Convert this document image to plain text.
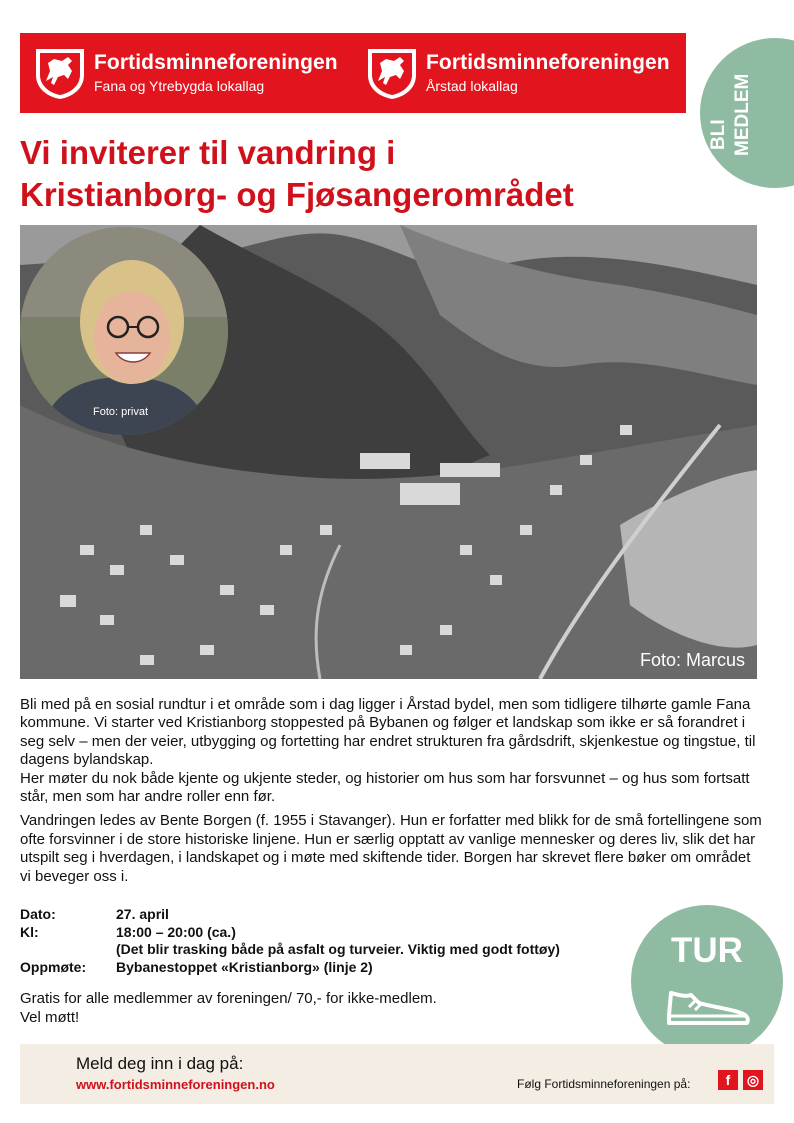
Fortidsminneforeningen
Fana og Ytrebygda lokallag
Fortidsminneforeningen
Årstad lokallag
BLI MEDLEM
Vi inviterer til vandring i
Kristianborg- og Fjøsangerområdet
Foto: Marcus
Foto: privat

Bli med på en sosial rundtur i et område som i dag ligger i Årstad bydel, men som tidligere tilhørte gamle Fana kommune. Vi starter ved Kristianborg stoppested på Bybanen og følger et landskap som ikke er så forandret i seg selv – men der veier, utbygging og fortetting har endret strukturen fra gårdsdrift, skjenkestue og tingstue, til dagens bylandskap.
Her møter du nok både kjente og ukjente steder, og historier om hus som har forsvunnet – og hus som fortsatt står, men som har andre roller enn før.

Vandringen ledes av Bente Borgen (f. 1955 i Stavanger). Hun er forfatter med blikk for de små fortellingene som ofte forsvinner i de store historiske linjene. Hun er særlig opptatt av vanlige mennesker og deres liv, slik det har utspilt seg i hverdagen, i landskapet og i møte med skiftende tider. Borgen har skrevet flere bøker om området vi beveger oss i.

Dato:	27. april
Kl:	18:00 – 20:00 (ca.)
(Det blir trasking både på asfalt og turveier. Viktig med godt fottøy)
Oppmøte:	Bybanestoppet «Kristianborg» (linje 2)
Gratis for alle medlemmer av foreningen/ 70,- for ikke-medlem.
Vel møtt!
TUR
Meld deg inn i dag på:
www.fortidsminneforeningen.no	Følg Fortidsminneforeningen på:	f	◎
